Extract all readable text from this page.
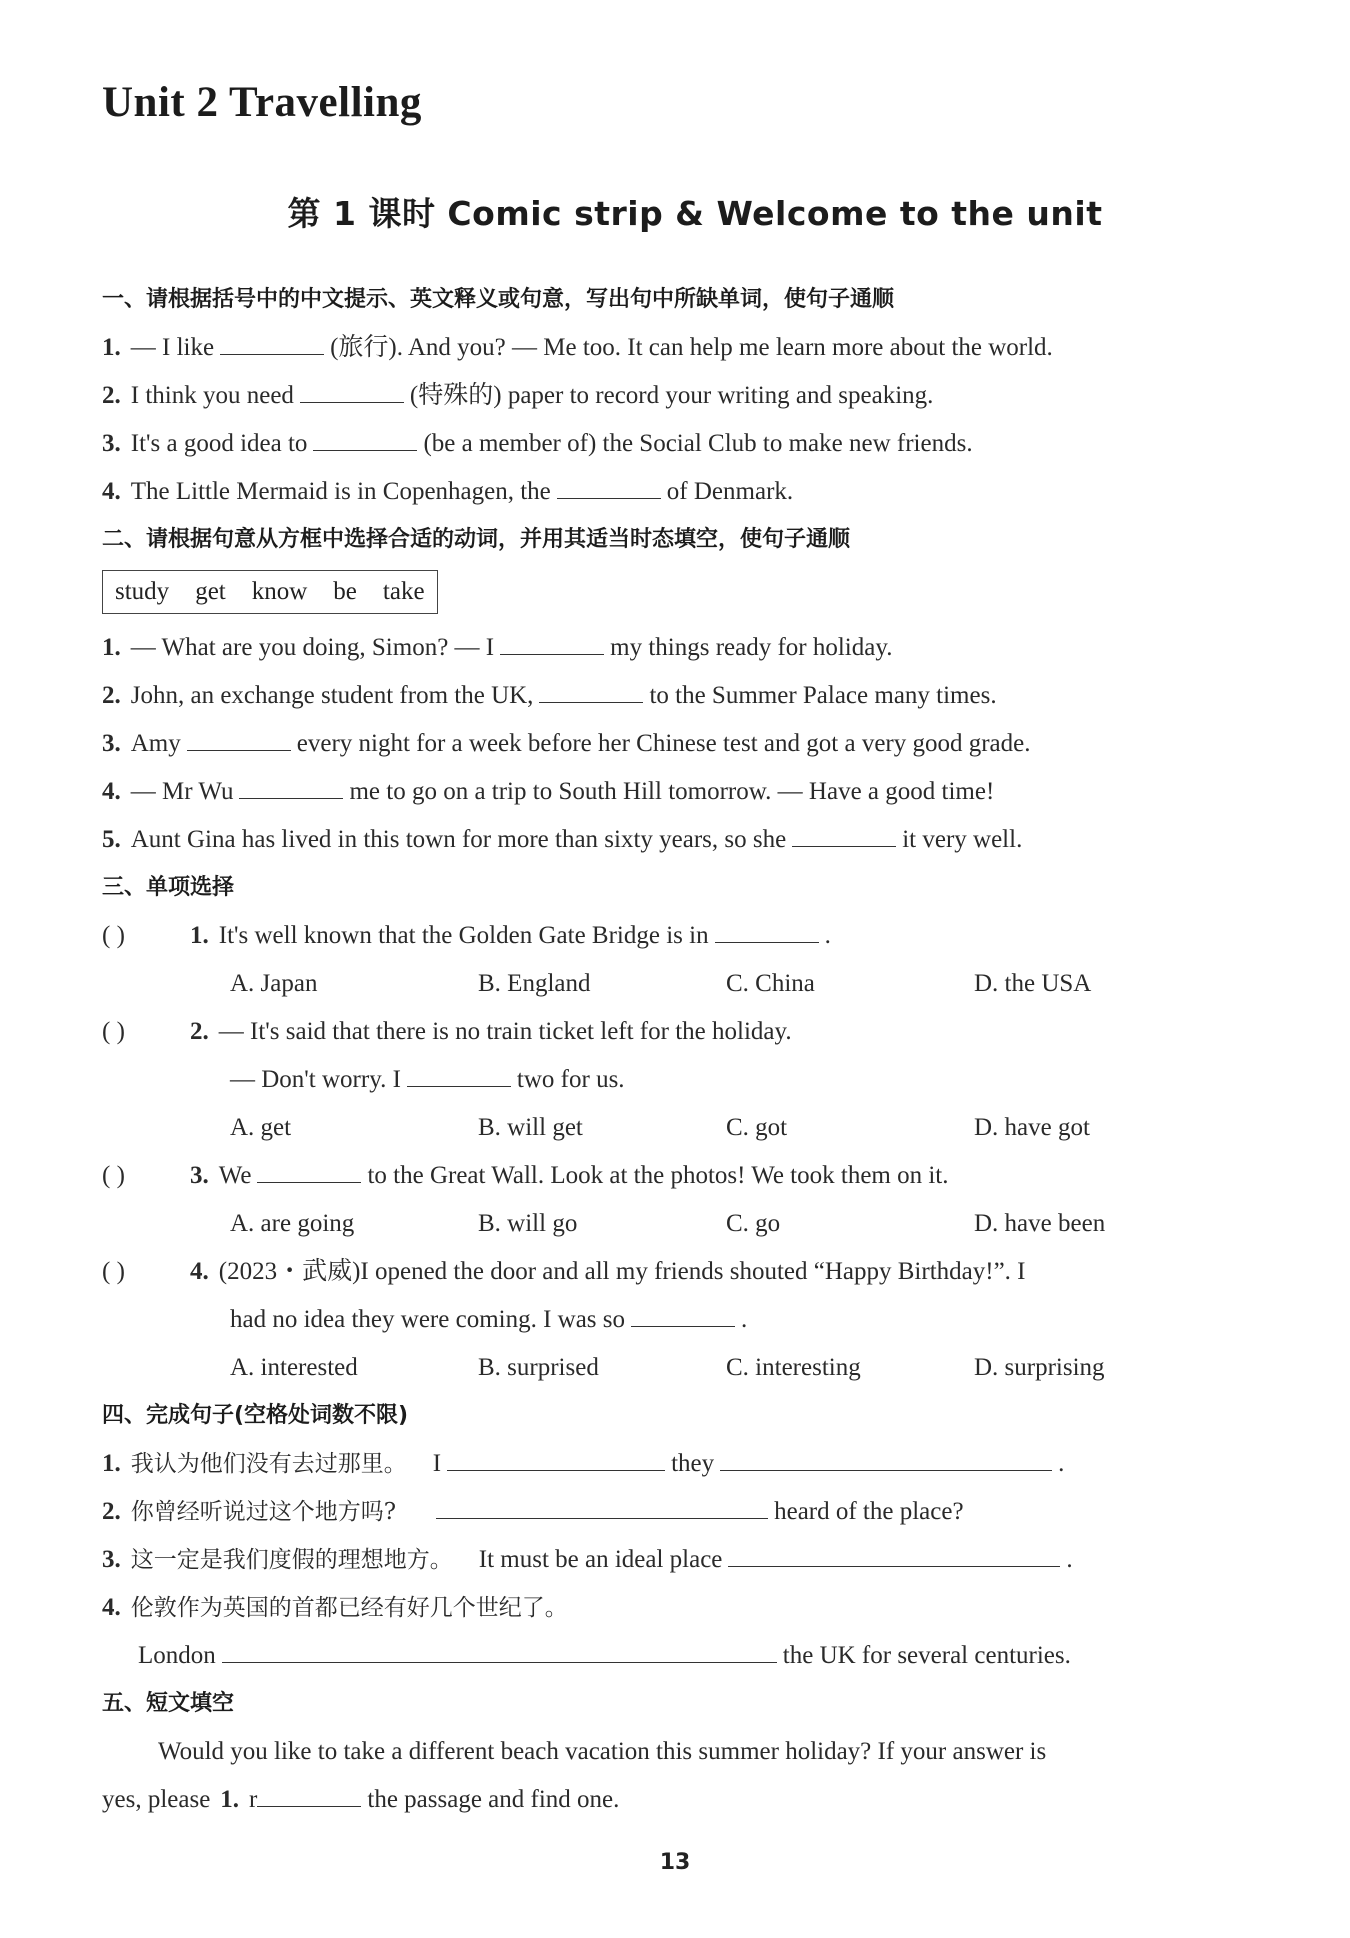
Unit 2 Travelling
第 1 课时 Comic strip & Welcome to the unit
一、请根据括号中的中文提示、英文释义或句意，写出句中所缺单词，使句子通顺
1. — I like	(旅行). And you? — Me too. It can help me learn more about the world.
2. I think you need	(特殊的) paper to record your writing and speaking.
3. It's a good idea to	(be a member of) the Social Club to make new friends.
4. The Little Mermaid is in Copenhagen, the	of Denmark.
二、请根据句意从方框中选择合适的动词，并用其适当时态填空，使句子通顺
study get know be take
1. — What are you doing, Simon? — I	my things ready for holiday.
2. John, an exchange student from the UK,	to the Summer Palace many times.
3. Amy	every night for a week before her Chinese test and got a very good grade.
4. — Mr Wu	me to go on a trip to South Hill tomorrow. — Have a good time!
5. Aunt Gina has lived in this town for more than sixty years, so she	it very well.
三、单项选择
( )	1. It's well known that the Golden Gate Bridge is in	.
A. Japan	B. England	C. China	D. the USA
( )	2. — It's said that there is no train ticket left for the holiday.
— Don't worry. I	two for us.
A. get	B. will get	C. got	D. have got
( )	3. We	to the Great Wall. Look at the photos! We took them on it.
A. are going	B. will go	C. go	D. have been
( )	4. (2023・武威)I opened the door and all my friends shouted “Happy Birthday!”. I
had no idea they were coming. I was so	.
A. interested	B. surprised	C. interesting	D. surprising
四、完成句子(空格处词数不限)
1. 我认为他们没有去过那里。 I	they	.
2. 你曾经听说过这个地方吗?	heard of the place?
3. 这一定是我们度假的理想地方。 It must be an ideal place	.
4. 伦敦作为英国的首都已经有好几个世纪了。
London	the UK for several centuries.
五、短文填空
Would you like to take a different beach vacation this summer holiday? If your answer is
yes, please 1. r	the passage and find one.
13
